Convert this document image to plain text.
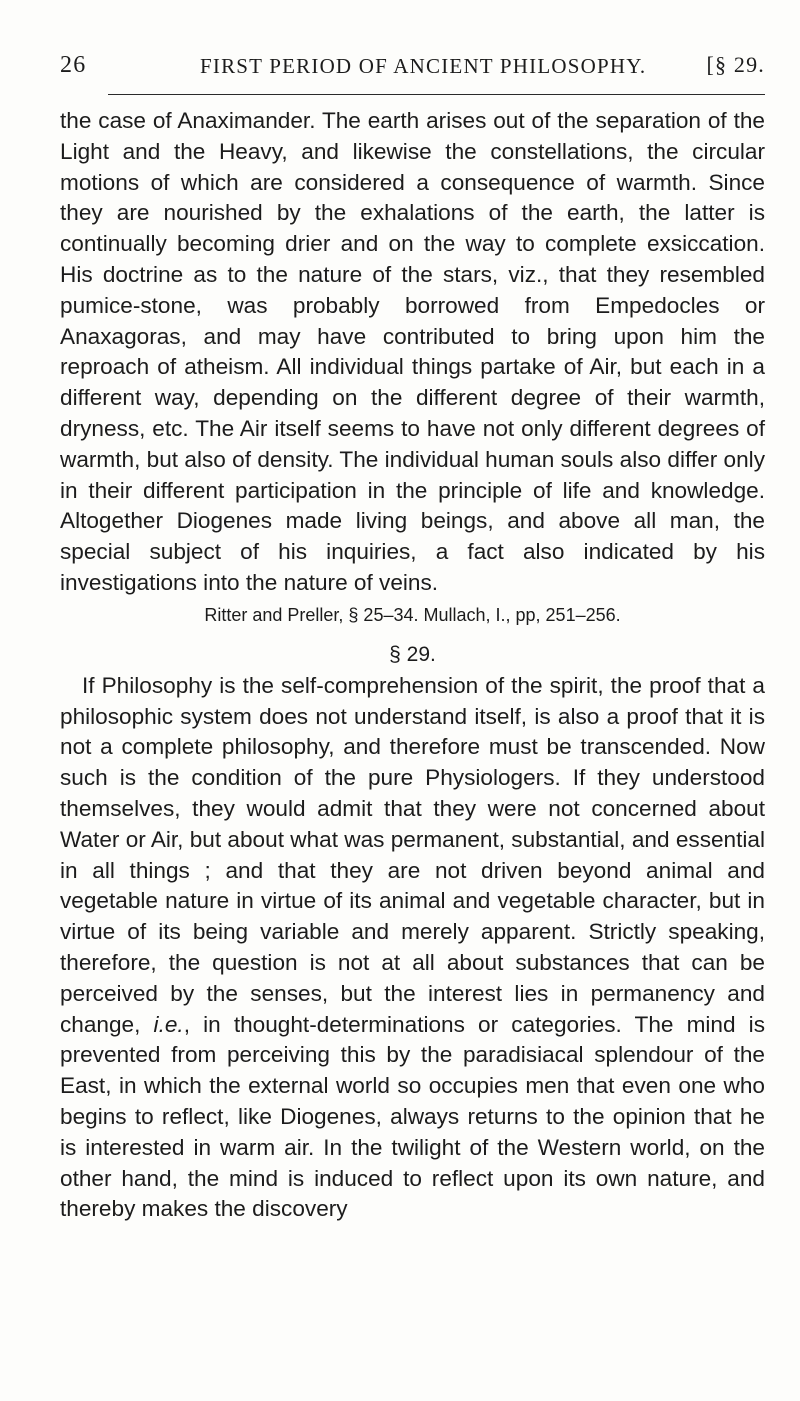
26	FIRST PERIOD OF ANCIENT PHILOSOPHY.	[§ 29.

the case of Anaximander. The earth arises out of the separation of the Light and the Heavy, and likewise the constellations, the circular motions of which are considered a consequence of warmth. Since they are nourished by the exhalations of the earth, the latter is continually becoming drier and on the way to complete exsiccation. His doctrine as to the nature of the stars, viz., that they resembled pumice-stone, was probably borrowed from Empedocles or Anaxagoras, and may have contributed to bring upon him the reproach of atheism. All individual things partake of Air, but each in a different way, depending on the different degree of their warmth, dryness, etc. The Air itself seems to have not only different degrees of warmth, but also of density. The individual human souls also differ only in their different participation in the principle of life and knowledge. Altogether Diogenes made living beings, and above all man, the special subject of his inquiries, a fact also indicated by his investigations into the nature of veins.

Ritter and Preller, § 25–34. Mullach, I., pp, 251–256.

§ 29.

If Philosophy is the self-comprehension of the spirit, the proof that a philosophic system does not understand itself, is also a proof that it is not a complete philosophy, and therefore must be transcended. Now such is the condition of the pure Physiologers. If they understood themselves, they would admit that they were not concerned about Water or Air, but about what was permanent, substantial, and essential in all things ; and that they are not driven beyond animal and vegetable nature in virtue of its animal and vegetable character, but in virtue of its being variable and merely apparent. Strictly speaking, therefore, the question is not at all about substances that can be perceived by the senses, but the interest lies in permanency and change, i.e., in thought-determinations or categories. The mind is prevented from perceiving this by the paradisiacal splendour of the East, in which the external world so occupies men that even one who begins to reflect, like Diogenes, always returns to the opinion that he is interested in warm air. In the twilight of the Western world, on the other hand, the mind is induced to reflect upon its own nature, and thereby makes the discovery
